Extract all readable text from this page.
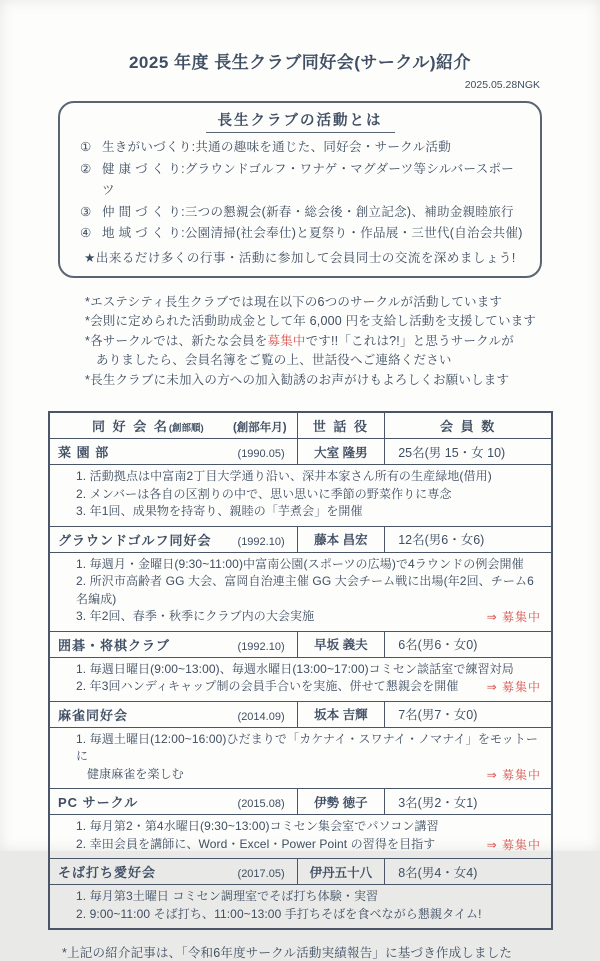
2025 年度 長生クラブ同好会(サークル)紹介
2025.05.28NGK
長生クラブの活動とは
① 生きがいづくり:共通の趣味を通じた、同好会・サークル活動
② 健 康 づ く り:グラウンドゴルフ・ワナゲ・マグダーツ等シルバースポーツ
③ 仲 間 づ く り:三つの懇親会(新春・総会後・創立記念)、補助金親睦旅行
④ 地 域 づ く り:公園清掃(社会奉仕)と夏祭り・作品展・三世代(自治会共催)
★出来るだけ多くの行事・活動に参加して会員同士の交流を深めましょう!
*エステシティ長生クラブでは現在以下の6つのサークルが活動しています
*会則に定められた活動助成金として年 6,000 円を支給し活動を支援しています
*各サークルでは、新たな会員を募集中です!!「これは?!」と思うサークルが
ありましたら、会員名簿をご覧の上、世話役へご連絡ください
*長生クラブに未加入の方への加入勧誘のお声がけもよろしくお願いします
同 好 会 名(創部順) (創部年月)	世 話 役	会 員 数

菜 園 部 (1990.05)	大室 隆男	25名(男 15・女 10)

1. 活動拠点は中富南2丁目大学通り沿い、深井本家さん所有の生産緑地(借用)
2. メンバーは各自の区割りの中で、思い思いに季節の野菜作りに専念
3. 年1回、成果物を持寄り、親睦の「芋煮会」を開催		

グラウンドゴルフ同好会 (1992.10)	藤本 昌宏	12名(男6・女6)

1. 毎週月・金曜日(9:30~11:00)中富南公園(スポーツの広場)で4ラウンドの例会開催
2. 所沢市高齢者 GG 大会、富岡自治連主催 GG 大会チーム戦に出場(年2回、チーム6名編成)
3. 年2回、春季・秋季にクラブ内の大会実施 ⇒ 募集中		

囲碁・将棋クラブ (1992.10)	早坂 義夫	6名(男6・女0)

1. 毎週日曜日(9:00~13:00)、毎週水曜日(13:00~17:00)コミセン談話室で練習対局
2. 年3回ハンディキャップ制の会員手合いを実施、併せて懇親会を開催 ⇒ 募集中		

麻雀同好会 (2014.09)	坂本 吉輝	7名(男7・女0)

1. 毎週土曜日(12:00~16:00)ひだまりで「カケナイ・スワナイ・ノマナイ」をモットーに
健康麻雀を楽しむ ⇒ 募集中		

PC サークル (2015.08)	伊勢 徳子	3名(男2・女1)

1. 毎月第2・第4水曜日(9:30~13:00)コミセン集会室でパソコン講習
2. 幸田会員を講師に、Word・Excel・Power Point の習得を目指す ⇒ 募集中		

そば打ち愛好会 (2017.05)	伊丹五十八	8名(男4・女4)

1. 毎月第3土曜日 コミセン調理室でそば打ち体験・実習
2. 9:00~11:00 そば打ち、11:00~13:00 手打ちそばを食べながら懇親タイム!		
*上記の紹介記事は、「令和6年度サークル活動実績報告」に基づき作成しました
